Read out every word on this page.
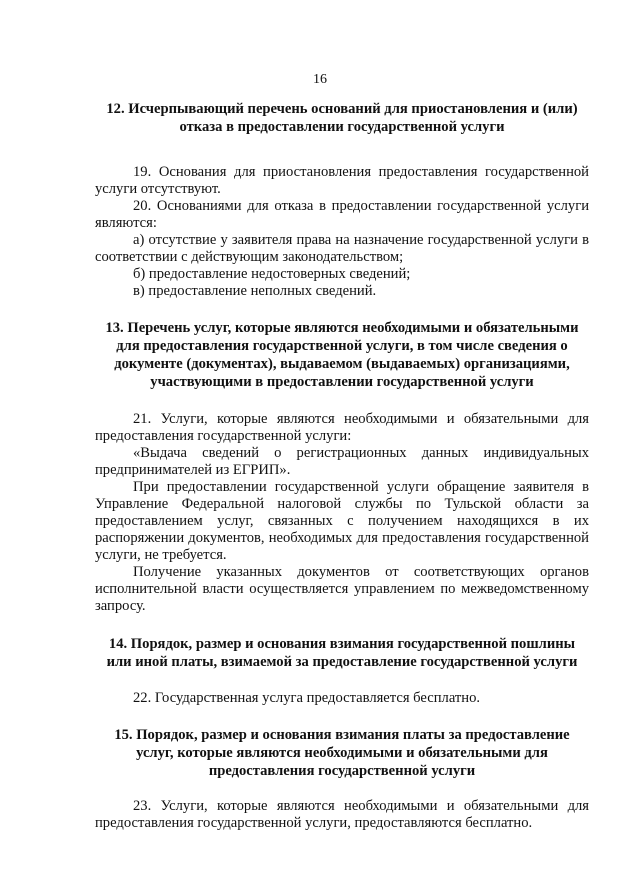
16
12. Исчерпывающий перечень оснований для приостановления и (или) отказа в предоставлении государственной услуги

19. Основания для приостановления предоставления государственной услуги отсутствуют.

20. Основаниями для отказа в предоставлении государственной услуги являются:

а) отсутствие у заявителя права на назначение государственной услуги в соответствии с действующим законодательством;

б) предоставление недостоверных сведений;

в) предоставление неполных сведений.

13. Перечень услуг, которые являются необходимыми и обязательными для предоставления государственной услуги, в том числе сведения о документе (документах), выдаваемом (выдаваемых) организациями, участвующими в предоставлении государственной услуги

21. Услуги, которые являются необходимыми и обязательными для предоставления государственной услуги:

«Выдача сведений о регистрационных данных индивидуальных предпринимателей из ЕГРИП».

При предоставлении государственной услуги обращение заявителя в Управление Федеральной налоговой службы по Тульской области за предоставлением услуг, связанных с получением находящихся в их распоряжении документов, необходимых для предоставления государственной услуги, не требуется.

Получение указанных документов от соответствующих органов исполнительной власти осуществляется управлением по межведомственному запросу.

14. Порядок, размер и основания взимания государственной пошлины или иной платы, взимаемой за предоставление государственной услуги

22. Государственная услуга предоставляется бесплатно.

15. Порядок, размер и основания взимания платы за предоставление услуг, которые являются необходимыми и обязательными для предоставления государственной услуги

23. Услуги, которые являются необходимыми и обязательными для предоставления государственной услуги, предоставляются бесплатно.
